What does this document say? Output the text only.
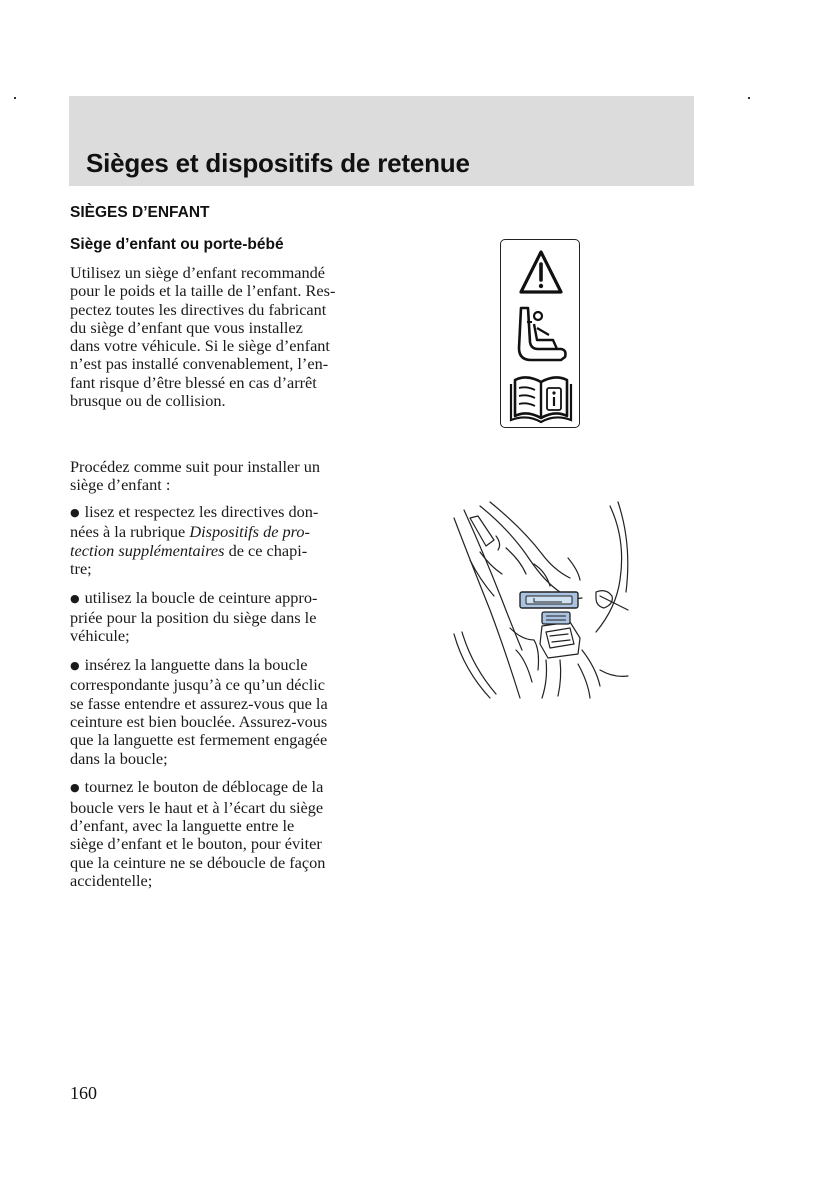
Sièges et dispositifs de retenue
SIÈGES D’ENFANT
Siège d’enfant ou porte-bébé

Utilisez un siège d’enfant recommandé
pour le poids et la taille de l’enfant. Res-
pectez toutes les directives du fabricant
du siège d’enfant que vous installez
dans votre véhicule. Si le siège d’enfant
n’est pas installé convenablement, l’en-
fant risque d’être blessé en cas d’arrêt
brusque ou de collision.

Procédez comme suit pour installer un
siège d’enfant :

● lisez et respectez les directives don-
nées à la rubrique Dispositifs de pro-
tection supplémentaires de ce chapi-
tre;
● utilisez la boucle de ceinture appro-
priée pour la position du siège dans le
véhicule;
● insérez la languette dans la boucle
correspondante jusqu’à ce qu’un déclic
se fasse entendre et assurez-vous que la
ceinture est bien bouclée. Assurez-vous
que la languette est fermement engagée
dans la boucle;
● tournez le bouton de déblocage de la
boucle vers le haut et à l’écart du siège
d’enfant, avec la languette entre le
siège d’enfant et le bouton, pour éviter
que la ceinture ne se déboucle de façon
accidentelle;
160
